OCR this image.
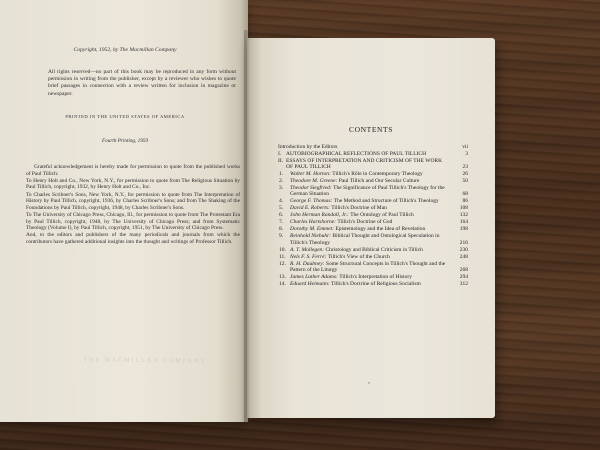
Copyright, 1952, by The Macmillan Company
All rights reserved—no part of this book may be reproduced in any form without permission in writing from the publisher, except by a reviewer who wishes to quote brief passages in connection with a review written for inclusion in magazine or newspaper.
PRINTED IN THE UNITED STATES OF AMERICA
Fourth Printing, 1959

Grateful acknowledgement is hereby made for permission to quote from the published works of Paul Tillich:

To Henry Holt and Co., New York, N.Y., for permission to quote from The Religious Situation by Paul Tillich, copyright, 1932, by Henry Holt and Co., Inc.

To Charles Scribner's Sons, New York, N.Y., for permission to quote from The Interpretation of History by Paul Tillich, copyright, 1936, by Charles Scribner's Sons; and from The Shaking of the Foundations by Paul Tillich, copyright, 1948, by Charles Scribner's Sons.

To The University of Chicago Press, Chicago, Ill., for permission to quote from The Protestant Era by Paul Tillich, copyright, 1948, by The University of Chicago Press; and from Systematic Theology (Volume I), by Paul Tillich, copyright, 1951, by The University of Chicago Press.

And, to the editors and publishers of the many periodicals and journals from which the contributors have gathered additional insights into the thought and writings of Professor Tillich.

THE MACMILLAN COMPANY
CONTENTS
Introduction by the Editors	vii
I. AUTOBIOGRAPHICAL REFLECTIONS OF PAUL TILLICH	3
II. ESSAYS OF INTERPRETATION AND CRITICISM OF THE WORK OF PAUL TILLICH	23
1. Walter M. Horton: Tillich's Rôle in Contemporary Theology	26
2. Theodore M. Greene: Paul Tillich and Our Secular Culture	50
3. Theodor Siegfried: The Significance of Paul Tillich's Theology for the German Situation	68
4. George F. Thomas: The Method and Structure of Tillich's Theology	86
5. David E. Roberts: Tillich's Doctrine of Man	108
6. John Herman Randall, Jr.: The Ontology of Paul Tillich	132
7. Charles Hartshorne: Tillich's Doctrine of God	164
8. Dorothy M. Emmet: Epistemology and the Idea of Revelation	198
9. Reinhold Niebuhr: Biblical Thought and Ontological Speculation in Tillich's Theology	216
10. A. T. Mollegen: Christology and Biblical Criticism in Tillich	230
11. Nels F. S. Ferré: Tillich's View of the Church	248
12. R. H. Daubney: Some Structural Concepts in Tillich's Thought and the Pattern of the Liturgy	268
13. James Luther Adams: Tillich's Interpretation of History	294
14. Eduard Heimann: Tillich's Doctrine of Religious Socialism	312
v
